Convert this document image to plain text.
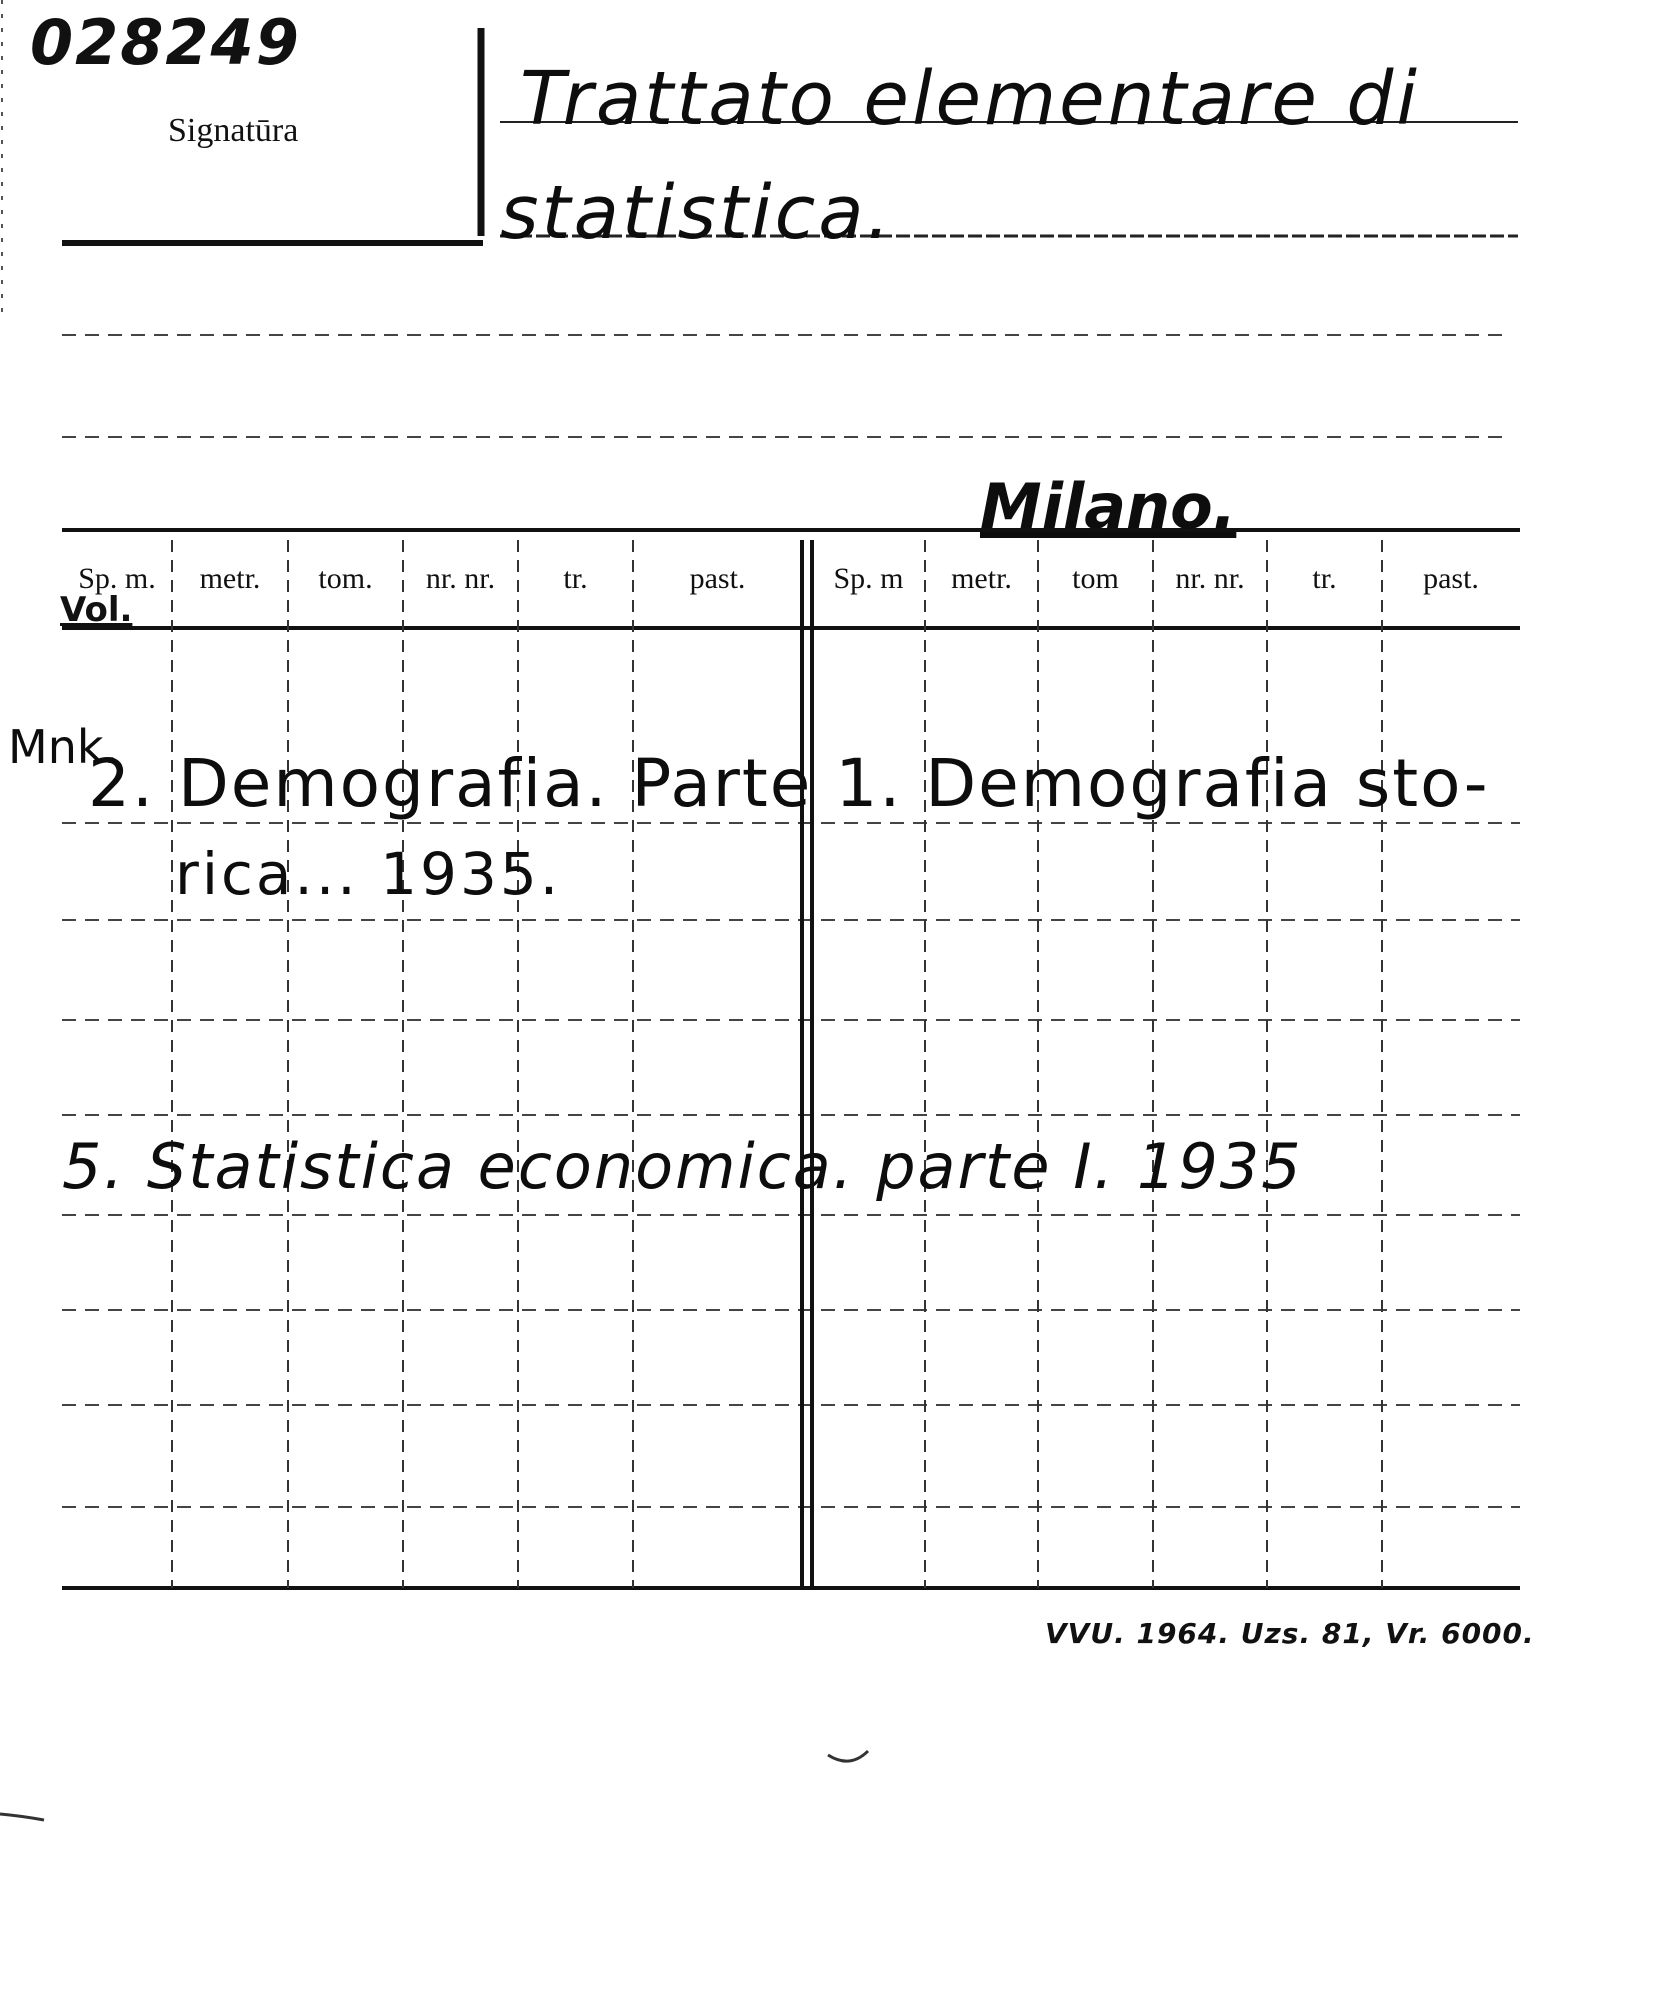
028249
Signatūra	Trattato elementare di
statistica.
Milano.
Sp. m.	metr.	tom.	nr. nr.	tr.	past.	Sp. m	metr.	tom	nr. nr.	tr.	past.
Vol.
Mnk.
2. Demografia. Parte 1. Demografia sto-
rica... 1935.
5. Statistica economica. parte I. 1935
VVU. 1964. Uzs. 81, Vr. 6000.
